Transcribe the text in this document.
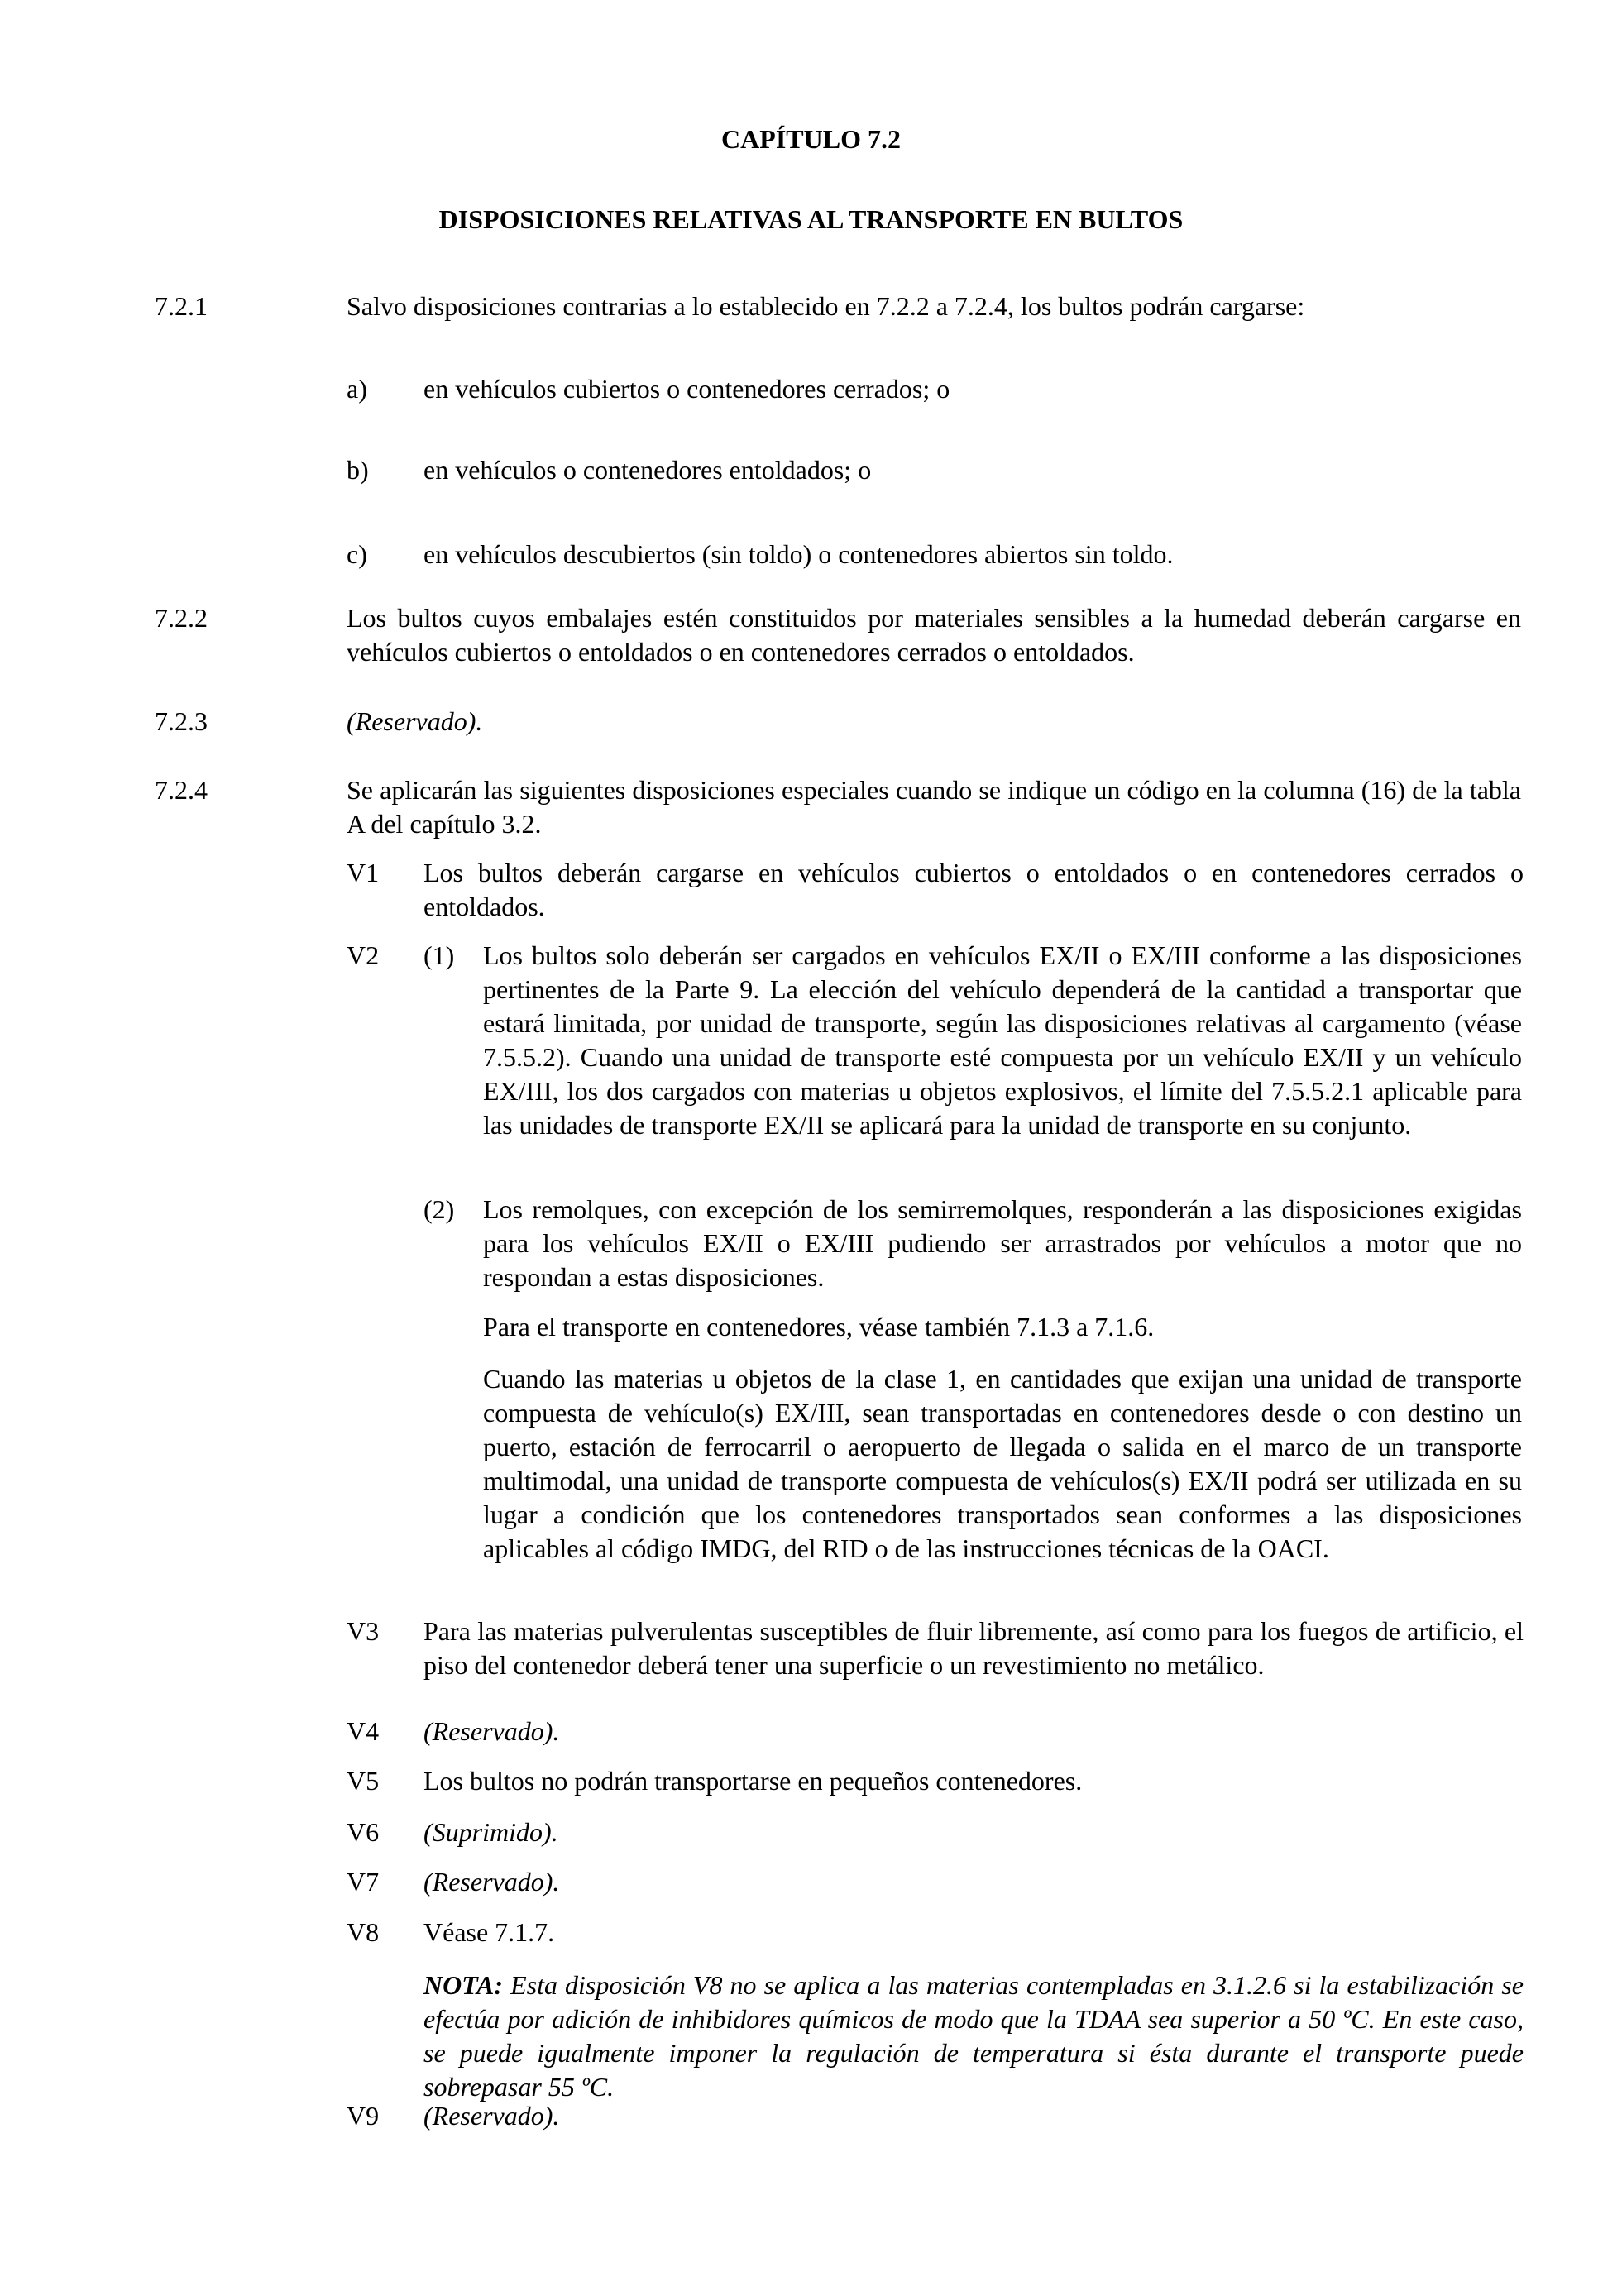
CAPÍTULO 7.2
DISPOSICIONES RELATIVAS AL TRANSPORTE EN BULTOS
7.2.1	Salvo disposiciones contrarias a lo establecido en 7.2.2 a 7.2.4, los bultos podrán cargarse:
a) en vehículos cubiertos o contenedores cerrados; o
b) en vehículos o contenedores entoldados; o
c) en vehículos descubiertos (sin toldo) o contenedores abiertos sin toldo.
7.2.2	Los bultos cuyos embalajes estén constituidos por materiales sensibles a la humedad deberán cargarse en vehículos cubiertos o entoldados o en contenedores cerrados o entoldados.
7.2.3	(Reservado).
7.2.4	Se aplicarán las siguientes disposiciones especiales cuando se indique un código en la columna (16) de la tabla A del capítulo 3.2.
V1 Los bultos deberán cargarse en vehículos cubiertos o entoldados o en contenedores cerrados o entoldados.
V2 (1) Los bultos solo deberán ser cargados en vehículos EX/II o EX/III conforme a las disposiciones pertinentes de la Parte 9. La elección del vehículo dependerá de la cantidad a transportar que estará limitada, por unidad de transporte, según las disposiciones relativas al cargamento (véase 7.5.5.2). Cuando una unidad de transporte esté compuesta por un vehículo EX/II y un vehículo EX/III, los dos cargados con materias u objetos explosivos, el límite del 7.5.5.2.1 aplicable para las unidades de transporte EX/II se aplicará para la unidad de transporte en su conjunto.
(2) Los remolques, con excepción de los semirremolques, responderán a las disposiciones exigidas para los vehículos EX/II o EX/III pudiendo ser arrastrados por vehículos a motor que no respondan a estas disposiciones.
Para el transporte en contenedores, véase también 7.1.3 a 7.1.6.
Cuando las materias u objetos de la clase 1, en cantidades que exijan una unidad de transporte compuesta de vehículo(s) EX/III, sean transportadas en contenedores desde o con destino un puerto, estación de ferrocarril o aeropuerto de llegada o salida en el marco de un transporte multimodal, una unidad de transporte compuesta de vehículos(s) EX/II podrá ser utilizada en su lugar a condición que los contenedores transportados sean conformes a las disposiciones aplicables al código IMDG, del RID o de las instrucciones técnicas de la OACI.
V3 Para las materias pulverulentas susceptibles de fluir libremente, así como para los fuegos de artificio, el piso del contenedor deberá tener una superficie o un revestimiento no metálico.
V4 (Reservado).
V5 Los bultos no podrán transportarse en pequeños contenedores.
V6 (Suprimido).
V7 (Reservado).
V8 Véase 7.1.7.
NOTA: Esta disposición V8 no se aplica a las materias contempladas en 3.1.2.6 si la estabilización se efectúa por adición de inhibidores químicos de modo que la TDAA sea superior a 50 ºC. En este caso, se puede igualmente imponer la regulación de temperatura si ésta durante el transporte puede sobrepasar 55 ºC.
V9 (Reservado).
